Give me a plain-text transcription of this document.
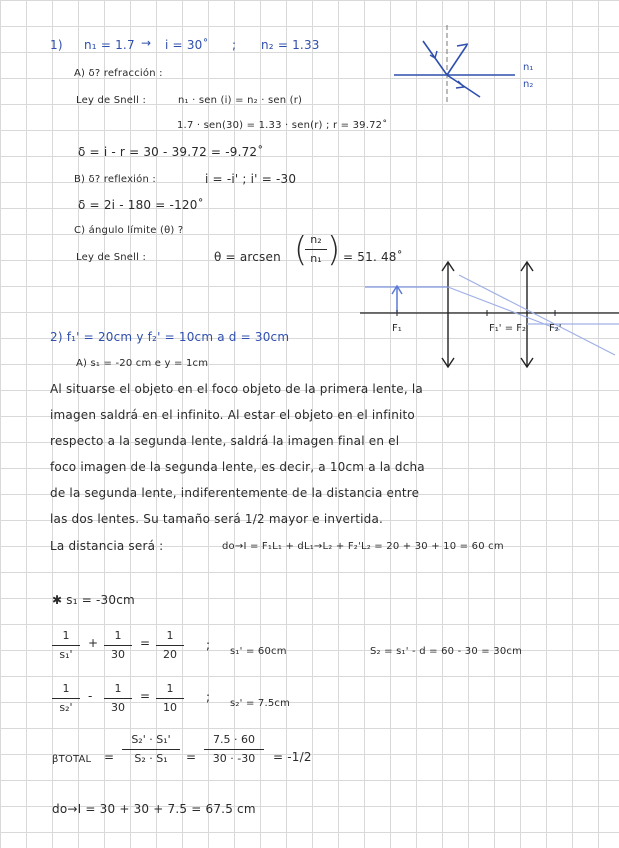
1) n₁ = 1.7 → i = 30˚ ; n₂ = 1.33
n₁
n₂
A) δ? refracción :
Ley de Snell :	n₁ · sen (i) = n₂ · sen (r)
1.7 · sen(30) = 1.33 · sen(r) ; r = 39.72˚
δ = i - r = 30 - 39.72 = -9.72˚
B) δ? reflexión :	i = -i' ; i' = -30
δ = 2i - 180 = -120˚
C) ángulo límite (θ) ?
Ley de Snell :	θ = arcsen ( n₂
n₁ ) = 51. 48˚
F₁	F₁' = F₂ F₂'
2) f₁' = 20cm y f₂' = 10cm a d = 30cm
A) s₁ = -20 cm e y = 1cm
Al situarse el objeto en el foco objeto de la primera lente, la
imagen saldrá en el infinito. Al estar el objeto en el infinito
respecto a la segunda lente, saldrá la imagen final en el
foco imagen de la segunda lente, es decir, a 10cm a la dcha
de la segunda lente, indiferentemente de la distancia entre
las dos lentes. Su tamaño será 1/2 mayor e invertida.
La distancia será :	do→I = F₁L₁ + dL₁→L₂ + F₂'L₂ = 20 + 30 + 10 = 60 cm
✱ s₁ = -30cm
1
s₁'
+
1
30
=
1
20
; s₁' = 60cm	S₂ = s₁' - d = 60 - 30 = 30cm
1
s₂'
-
1
30
=
1
10
; s₂' = 7.5cm
βTOTAL =
S₂' · S₁'
S₂ · S₁	=
7.5 · 60
30 · -30	= -1/2
do→I = 30 + 30 + 7.5 = 67.5 cm
